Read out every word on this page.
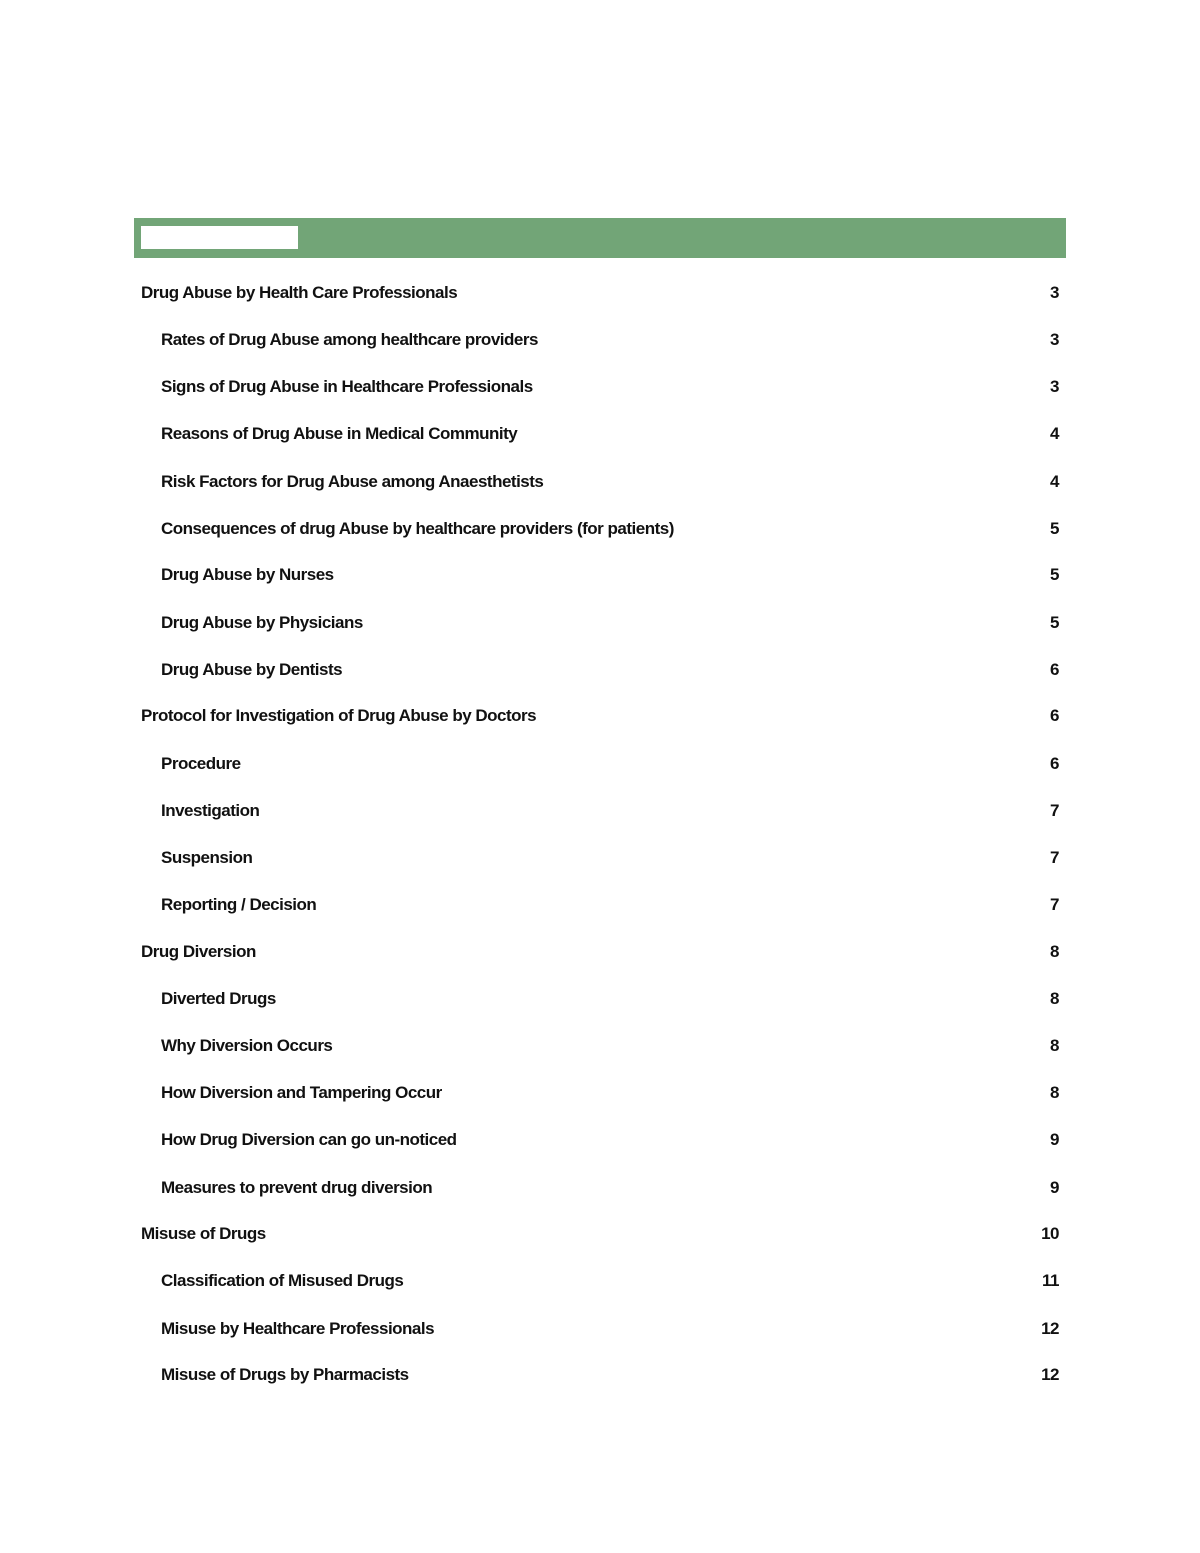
Drug Abuse by Health Care Professionals	3
Rates of Drug Abuse among healthcare providers	3
Signs of Drug Abuse in Healthcare Professionals	3
Reasons of Drug Abuse in Medical Community	4
Risk Factors for Drug Abuse among Anaesthetists	4
Consequences of drug Abuse by healthcare providers (for patients)	5
Drug Abuse by Nurses	5
Drug Abuse by Physicians	5
Drug Abuse by Dentists	6
Protocol for Investigation of Drug Abuse by Doctors	6
Procedure	6
Investigation	7
Suspension	7
Reporting / Decision	7
Drug Diversion	8
Diverted Drugs	8
Why Diversion Occurs	8
How Diversion and Tampering Occur	8
How Drug Diversion can go un-noticed	9
Measures to prevent drug diversion	9
Misuse of Drugs	10
Classification of Misused Drugs	11
Misuse by Healthcare Professionals	12
Misuse of Drugs by Pharmacists	12
